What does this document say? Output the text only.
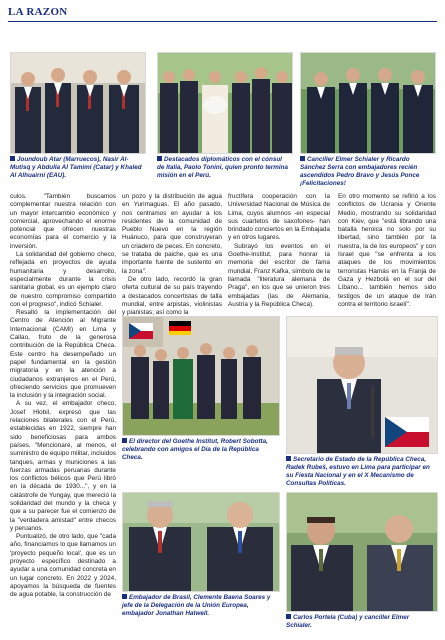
LA RAZON
Joundoub Atar (Marruecos), Nasir Al-Mutisq y Abdulla Al Tamimi (Catar) y Khaled Al Alhuairni (EAU).
Destacados diplomáticos con el cónsul de Italia, Paolo Tonini, quien pronto termina misión en el Perú.
Canciller Elmer Schialer y Ricardo Sánchez Serra con embajadores recién ascendidos Pedro Bravo y Jesús Ponce ¡Felicitaciones!

culos. "También buscamos complementar nuestra relación con un mayor intercambio económico y comercial, aprovechando el enorme potencial que ofrecen nuestras economías para el comercio y la inversión.

La solidaridad del gobierno checo, reflejada en proyectos de ayuda humanitaria y desarrollo, especialmente durante la crisis sanitaria global, es un ejemplo claro de nuestro compromiso compartido con el progreso", indicó Schialer.

Resaltó la implementación del Centro de Atención al Migrante Internacional (CAMI) en Lima y Callao, fruto de la generosa contribución de la República Checa. Este centro ha desempeñado un papel fundamental en la gestión migratoria y en la atención a ciudadanos extranjeros en el Perú, ofreciendo servicios que promueven la inclusión y la integración social.

A su vez, el embajador checo, Josef Hlobil, expresó que las relaciones bilaterales con el Perú, establecidas en 1922, siempre han sido beneficiosas para ambos países. "Mencionaré, al menos, el suministro de equipo militar, incluidos tanques, armas y municiones a las fuerzas armadas peruanas durante los conflictos bélicos que Perú libró en la década de 1930...", y en la catástrofe de Yungay, que mereció la solidaridad del mundo y la checa y que a su parecer fue el comienzo de la "verdadera amistad" entre checos y peruanos.

Puntualizó, de otro lado, que "cada año, financiamos lo que llamamos un 'proyecto pequeño local', que es un proyecto específico destinado a ayudar a una comunidad concreta en un lugar concreto. En 2022 y 2024, apoyamos la búsqueda de fuentes de agua potable, la construcción de

un pozo y la distribución de agua en Yurimaguas. El año pasado, nos centramos en ayudar a los residentes de la comunidad de Pueblo Nuevo en la región Huánuco, para que construyeran un criadero de peces. En concreto, se trataba de paiche, que es una importante fuente de sustento en la zona".

De otro lado, recordó la gran oferta cultural de su país trayendo a destacados concertistas de talla mundial, entre arpistas, violinistas y pianistas; así como la

fructífera cooperación con la Universidad Nacional de Música de Lima, cuyos alumnos -en especial sus cuartetos de saxofones- han brindado conciertos en la Embajada y en otros lugares.

Subrayó los eventos en el Goethe-Institut, para honrar la memoria del escritor de fama mundial, Franz Kafka, símbolo de la llamada "literatura alemana de Praga", en los que se unieron tres embajadas (las de Alemania, Austria y la República Checa).

En otro momento se refirió a los conflictos de Ucrania y Oriente Medio, mostrando su solidaridad con Kiev, que "está librando una batalla heroica no solo por su libertad, sino también por la nuestra, la de los europeos" y con Israel que "se enfrenta a los ataques de los movimientos terroristas Hamás en la Franja de Gaza y Hezbolá en el sur del Líbano... también hemos sido testigos de un ataque de Irán contra el territorio israelí".

El director del Goethe Institut, Robert Sobotta, celebrando con amigos el Día de la República Checa.	Secretario de Estado de la República Checa, Radek Rubeš, estuvo en Lima para participar en su Fiesta Nacional y en el X Mecanismo de Consultas Políticas.
Embajador de Brasil, Clemente Baena Soares y jefe de la Delegación de la Unión Europea, embajador Jonathan Hatwell.
Carlos Portela (Cuba) y canciller Elmer Schialer.
